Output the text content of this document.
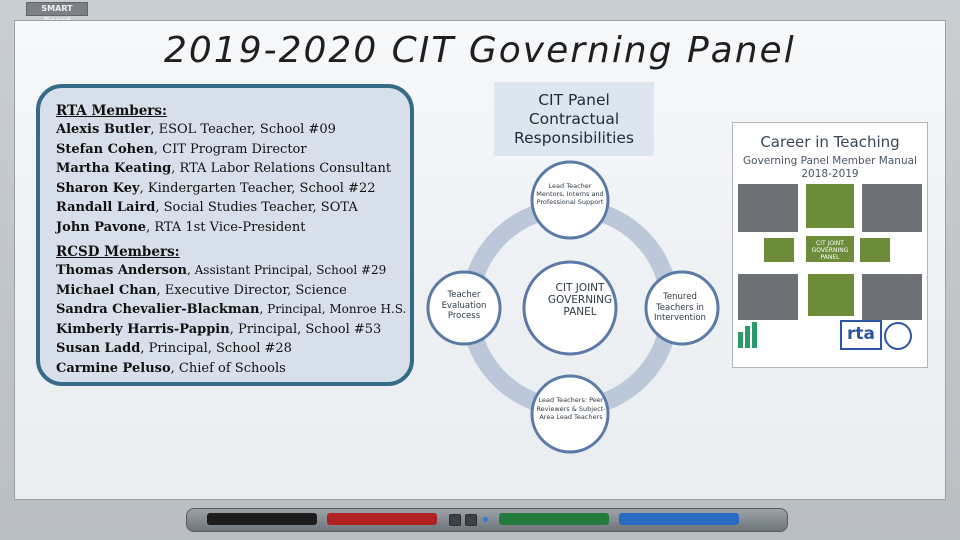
SMART
2019-2020 CIT Governing Panel
RTA Members:
Alexis Butler, ESOL Teacher, School #09
Stefan Cohen, CIT Program Director
Martha Keating, RTA Labor Relations Consultant
Sharon Key, Kindergarten Teacher, School #22
Randall Laird, Social Studies Teacher, SOTA
John Pavone, RTA 1st Vice-President
RCSD Members:
Thomas Anderson, Assistant Principal, School #29
Michael Chan, Executive Director, Science
Sandra Chevalier-Blackman, Principal, Monroe H.S.
Kimberly Harris-Pappin, Principal, School #53
Susan Ladd, Principal, School #28
Carmine Peluso, Chief of Schools
CIT Panel Contractual Responsibilities
CIT JOINT GOVERNING PANEL
Lead Teacher Mentors, Interns and Professional Support
Teacher Evaluation Process
Tenured Teachers in Intervention
Lead Teachers: Peer Reviewers & Subject-Area Lead Teachers
Career in Teaching
Governing Panel Member Manual
2018-2019
CIT JOINT GOVERNING PANEL
rta
